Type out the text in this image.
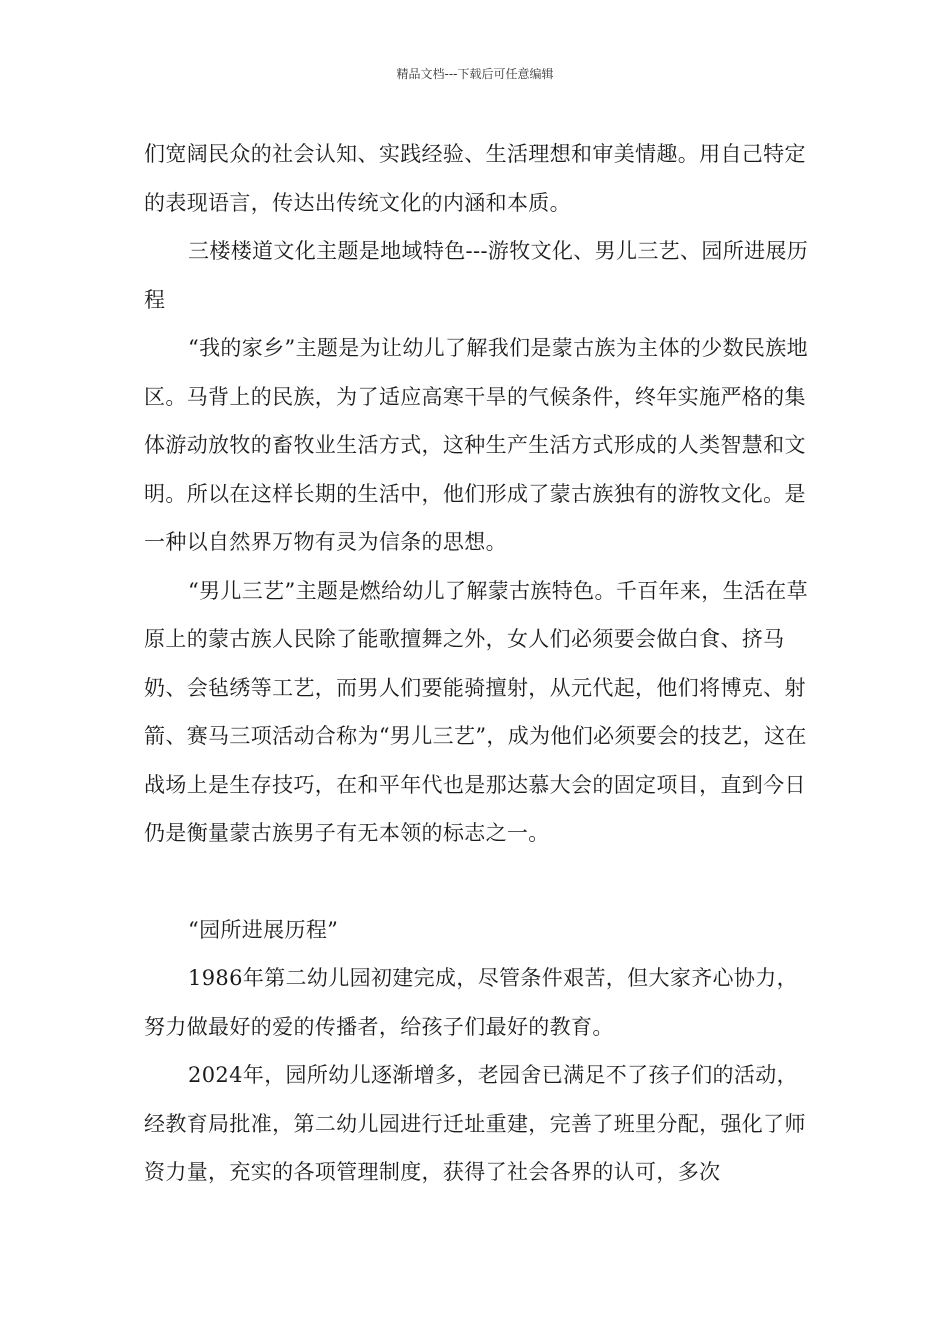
精品文档---下载后可任意编辑

们宽阔民众的社会认知、实践经验、生活理想和审美情趣。用自己特定的表现语言，传达出传统文化的内涵和本质。

三楼楼道文化主题是地域特色---游牧文化、男儿三艺、园所进展历程

“我的家乡”主题是为让幼儿了解我们是蒙古族为主体的少数民族地区。马背上的民族，为了适应高寒干旱的气候条件，终年实施严格的集体游动放牧的畜牧业生活方式，这种生产生活方式形成的人类智慧和文明。所以在这样长期的生活中，他们形成了蒙古族独有的游牧文化。是一种以自然界万物有灵为信条的思想。

“男儿三艺”主题是燃给幼儿了解蒙古族特色。千百年来，生活在草原上的蒙古族人民除了能歌擅舞之外，女人们必须要会做白食、挤马奶、会毡绣等工艺，而男人们要能骑擅射，从元代起，他们将博克、射箭、赛马三项活动合称为“男儿三艺”，成为他们必须要会的技艺，这在战场上是生存技巧，在和平年代也是那达慕大会的固定项目，直到今日仍是衡量蒙古族男子有无本领的标志之一。

“园所进展历程”

1986年第二幼儿园初建完成，尽管条件艰苦，但大家齐心协力，努力做最好的爱的传播者，给孩子们最好的教育。

2024年，园所幼儿逐渐增多，老园舍已满足不了孩子们的活动，经教育局批准，第二幼儿园进行迁址重建，完善了班里分配，强化了师资力量，充实的各项管理制度，获得了社会各界的认可，多次
